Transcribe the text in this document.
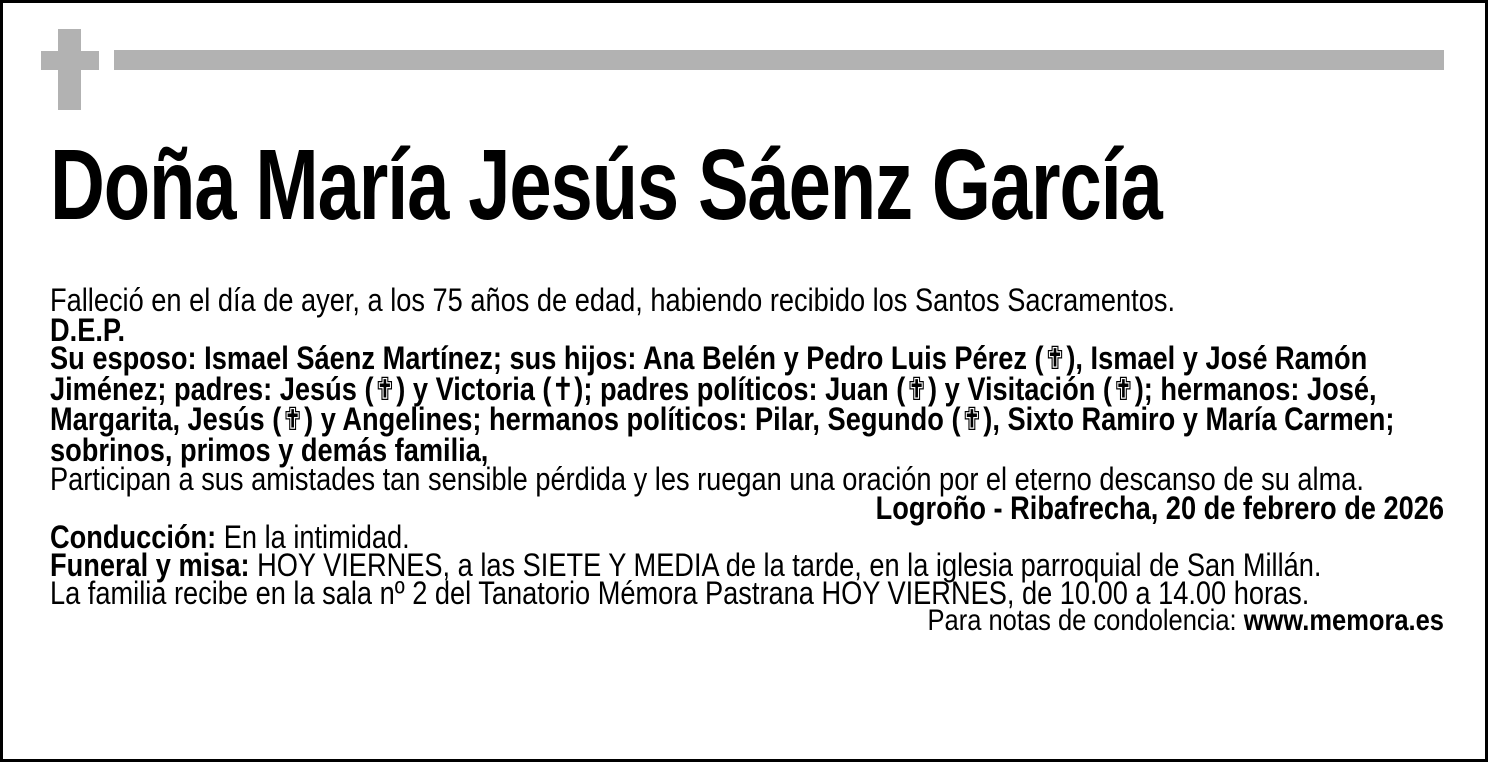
Doña María Jesús Sáenz García

Falleció en el día de ayer, a los 75 años de edad, habiendo recibido los Santos Sacramentos.

D.E.P.

Su esposo: Ismael Sáenz Martínez; sus hijos: Ana Belén y Pedro Luis Pérez (✟), Ismael y José Ramón Jiménez; padres: Jesús (✟) y Victoria (✝); padres políticos: Juan (✟) y Visitación (✟); hermanos: José, Margarita, Jesús (✟) y Angelines; hermanos políticos: Pilar, Segundo (✟), Sixto Ramiro y María Carmen; sobrinos, primos y demás familia,

Participan a sus amistades tan sensible pérdida y les ruegan una oración por el eterno descanso de su alma.

Logroño - Ribafrecha, 20 de febrero de 2026

Conducción: En la intimidad.

Funeral y misa: HOY VIERNES, a las SIETE Y MEDIA de la tarde, en la iglesia parroquial de San Millán.

La familia recibe en la sala nº 2 del Tanatorio Mémora Pastrana HOY VIERNES, de 10.00 a 14.00 horas.

Para notas de condolencia: www.memora.es
